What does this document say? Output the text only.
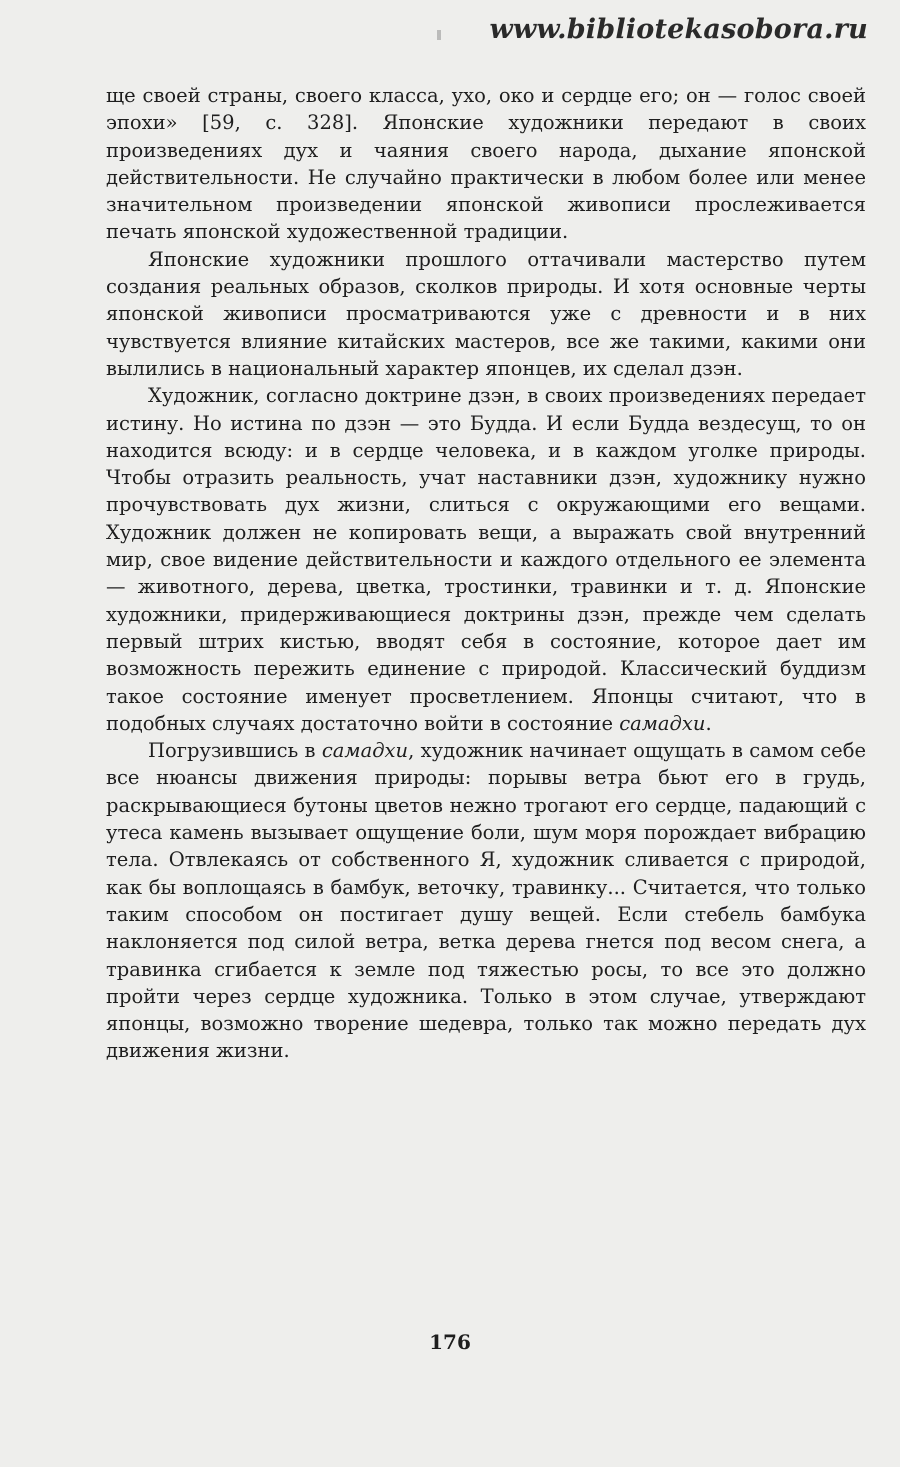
www.bibliotekasobora.ru

ще своей страны, своего класса, ухо, око и сердце его; он — голос своей эпохи» [59, с. 328]. Японские художники передают в своих произведениях дух и чаяния своего народа, дыхание японской действительности. Не случайно практически в любом более или менее значительном произведении японской живописи прослеживается печать японской художественной традиции.

Японские художники прошлого оттачивали мастерство путем создания реальных образов, сколков природы. И хотя основные черты японской живописи просматриваются уже с древности и в них чувствуется влияние китайских мастеров, все же такими, какими они вылились в национальный характер японцев, их сделал дзэн.

Художник, согласно доктрине дзэн, в своих произведениях передает истину. Но истина по дзэн — это Будда. И если Будда вездесущ, то он находится всюду: и в сердце человека, и в каждом уголке природы. Чтобы отразить реальность, учат наставники дзэн, художнику нужно прочувствовать дух жизни, слиться с окружающими его вещами. Художник должен не копировать вещи, а выражать свой внутренний мир, свое видение действительности и каждого отдельного ее элемента — животного, дерева, цветка, тростинки, травинки и т. д. Японские художники, придерживающиеся доктрины дзэн, прежде чем сделать первый штрих кистью, вводят себя в состояние, которое дает им возможность пережить единение с природой. Классический буддизм такое состояние именует просветлением. Японцы считают, что в подобных случаях достаточно войти в состояние самадхи.

Погрузившись в самадхи, художник начинает ощущать в самом себе все нюансы движения природы: порывы ветра бьют его в грудь, раскрывающиеся бутоны цветов нежно трогают его сердце, падающий с утеса камень вызывает ощущение боли, шум моря порождает вибрацию тела. Отвлекаясь от собственного Я, художник сливается с природой, как бы воплощаясь в бамбук, веточку, травинку... Считается, что только таким способом он постигает душу вещей. Если стебель бамбука наклоняется под силой ветра, ветка дерева гнется под весом снега, а травинка сгибается к земле под тяжестью росы, то все это должно пройти через сердце художника. Только в этом случае, утверждают японцы, возможно творение шедевра, только так можно передать дух движения жизни.

176
